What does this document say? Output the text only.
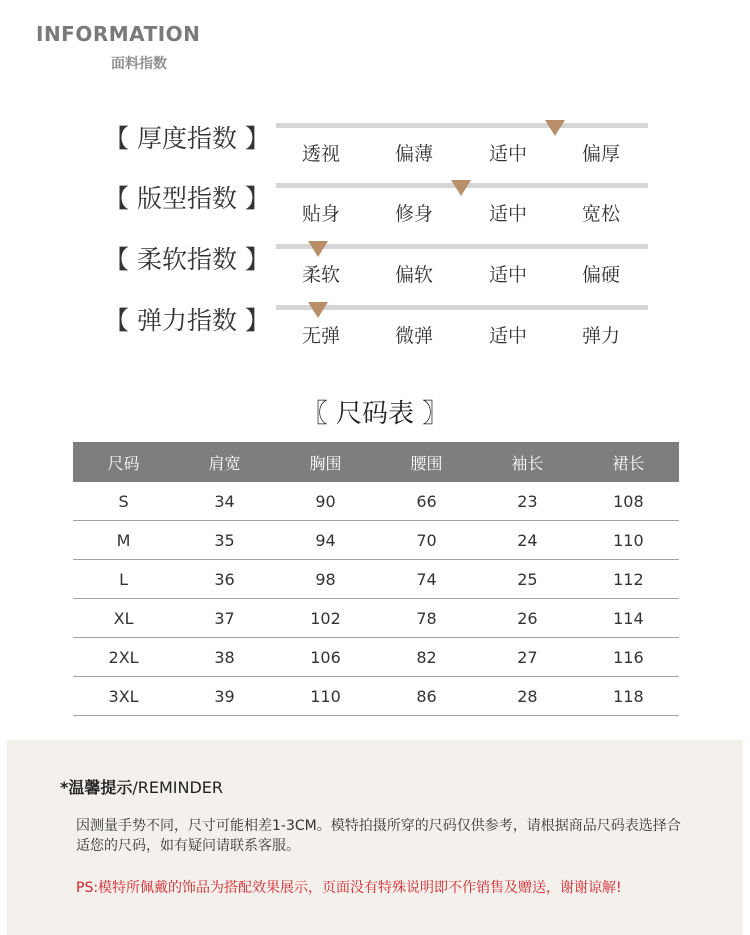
INFORMATION
面料指数
【 厚度指数 】
透视	偏薄	适中	偏厚
【 版型指数 】
贴身	修身	适中	宽松
【 柔软指数 】
柔软	偏软	适中	偏硬
【 弹力指数 】
无弹	微弹	适中	弹力
〖 尺码表 〗
尺码	肩宽	胸围	腰围	袖长	裙长
S	34	90	66	23	108
M	35	94	70	24	110
L	36	98	74	25	112
XL	37	102	78	26	114
2XL	38	106	82	27	116
3XL	39	110	86	28	118
*温馨提示/REMINDER
因测量手势不同，尺寸可能相差1-3CM。模特拍摄所穿的尺码仅供参考，请根据商品尺码表选择合适您的尺码，如有疑问请联系客服。
PS:模特所佩戴的饰品为搭配效果展示，页面没有特殊说明即不作销售及赠送，谢谢谅解!
